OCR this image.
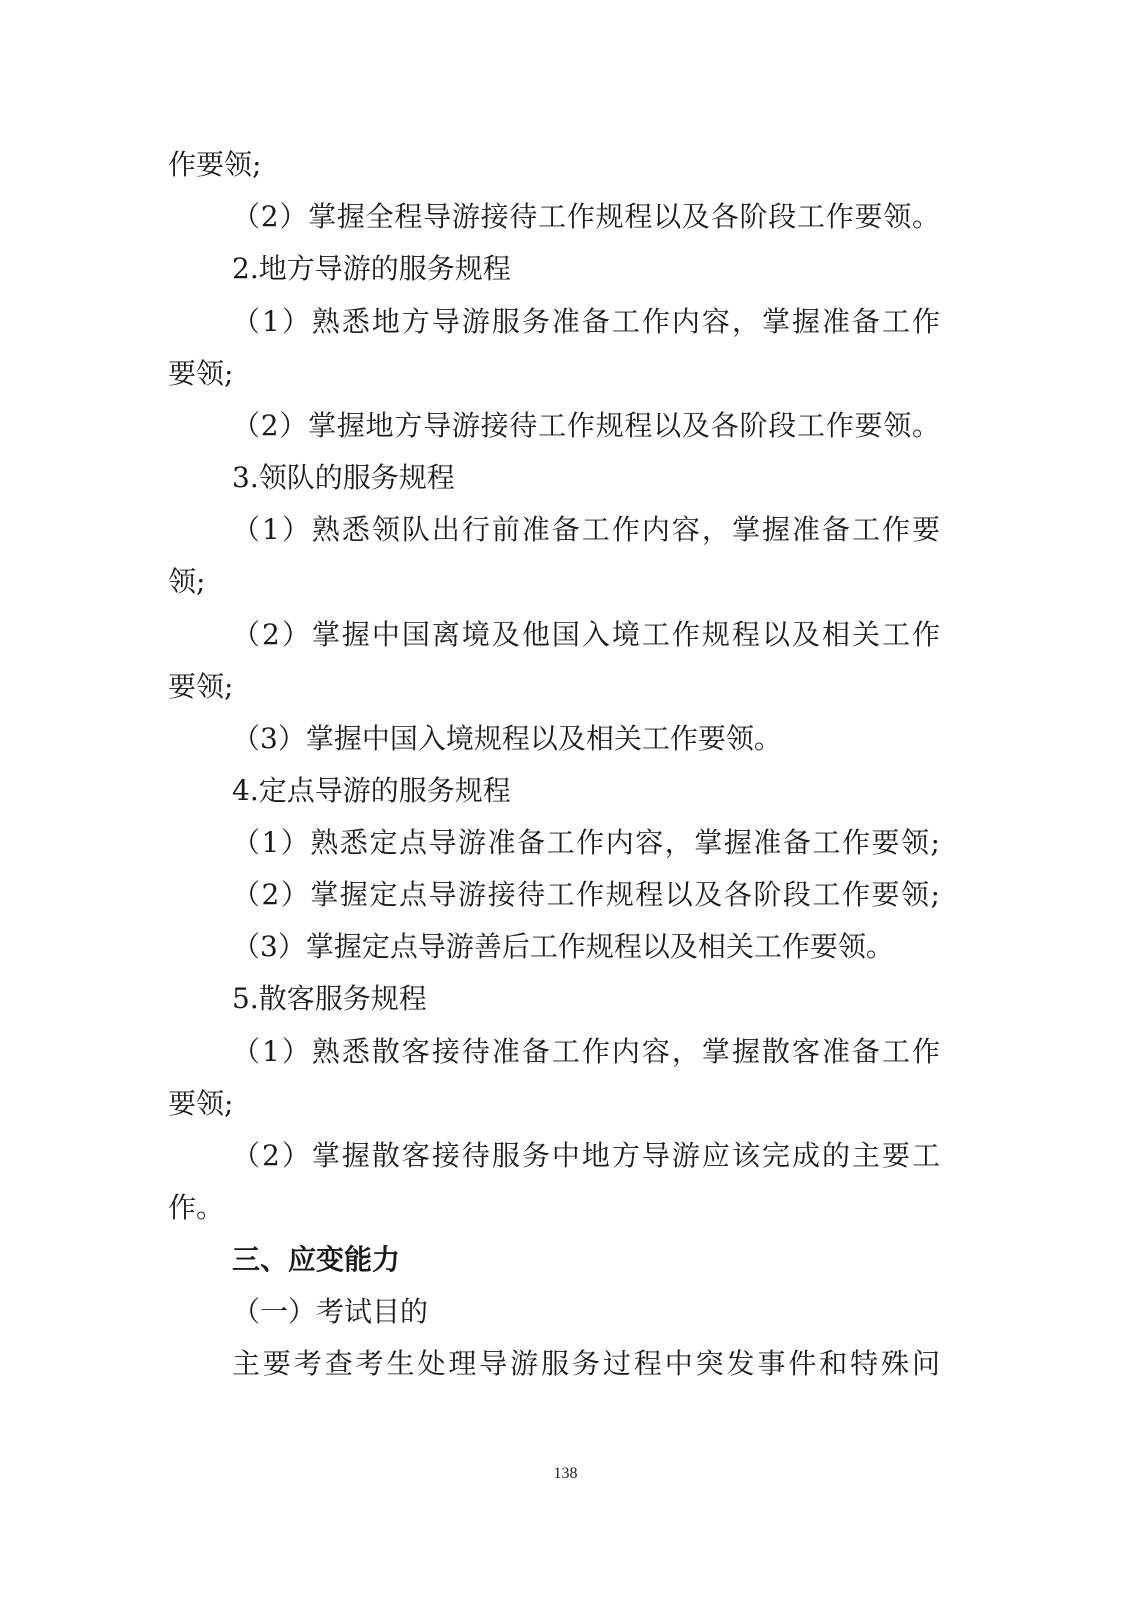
作要领;
（2）掌握全程导游接待工作规程以及各阶段工作要领。
2.地方导游的服务规程
（1）熟悉地方导游服务准备工作内容，掌握准备工作
要领;
（2）掌握地方导游接待工作规程以及各阶段工作要领。
3.领队的服务规程
（1）熟悉领队出行前准备工作内容，掌握准备工作要
领;
（2）掌握中国离境及他国入境工作规程以及相关工作
要领;
（3）掌握中国入境规程以及相关工作要领。
4.定点导游的服务规程
（1）熟悉定点导游准备工作内容，掌握准备工作要领;
（2）掌握定点导游接待工作规程以及各阶段工作要领;
（3）掌握定点导游善后工作规程以及相关工作要领。
5.散客服务规程
（1）熟悉散客接待准备工作内容，掌握散客准备工作
要领;
（2）掌握散客接待服务中地方导游应该完成的主要工
作。
三、应变能力
（一）考试目的
主要考查考生处理导游服务过程中突发事件和特殊问
138
